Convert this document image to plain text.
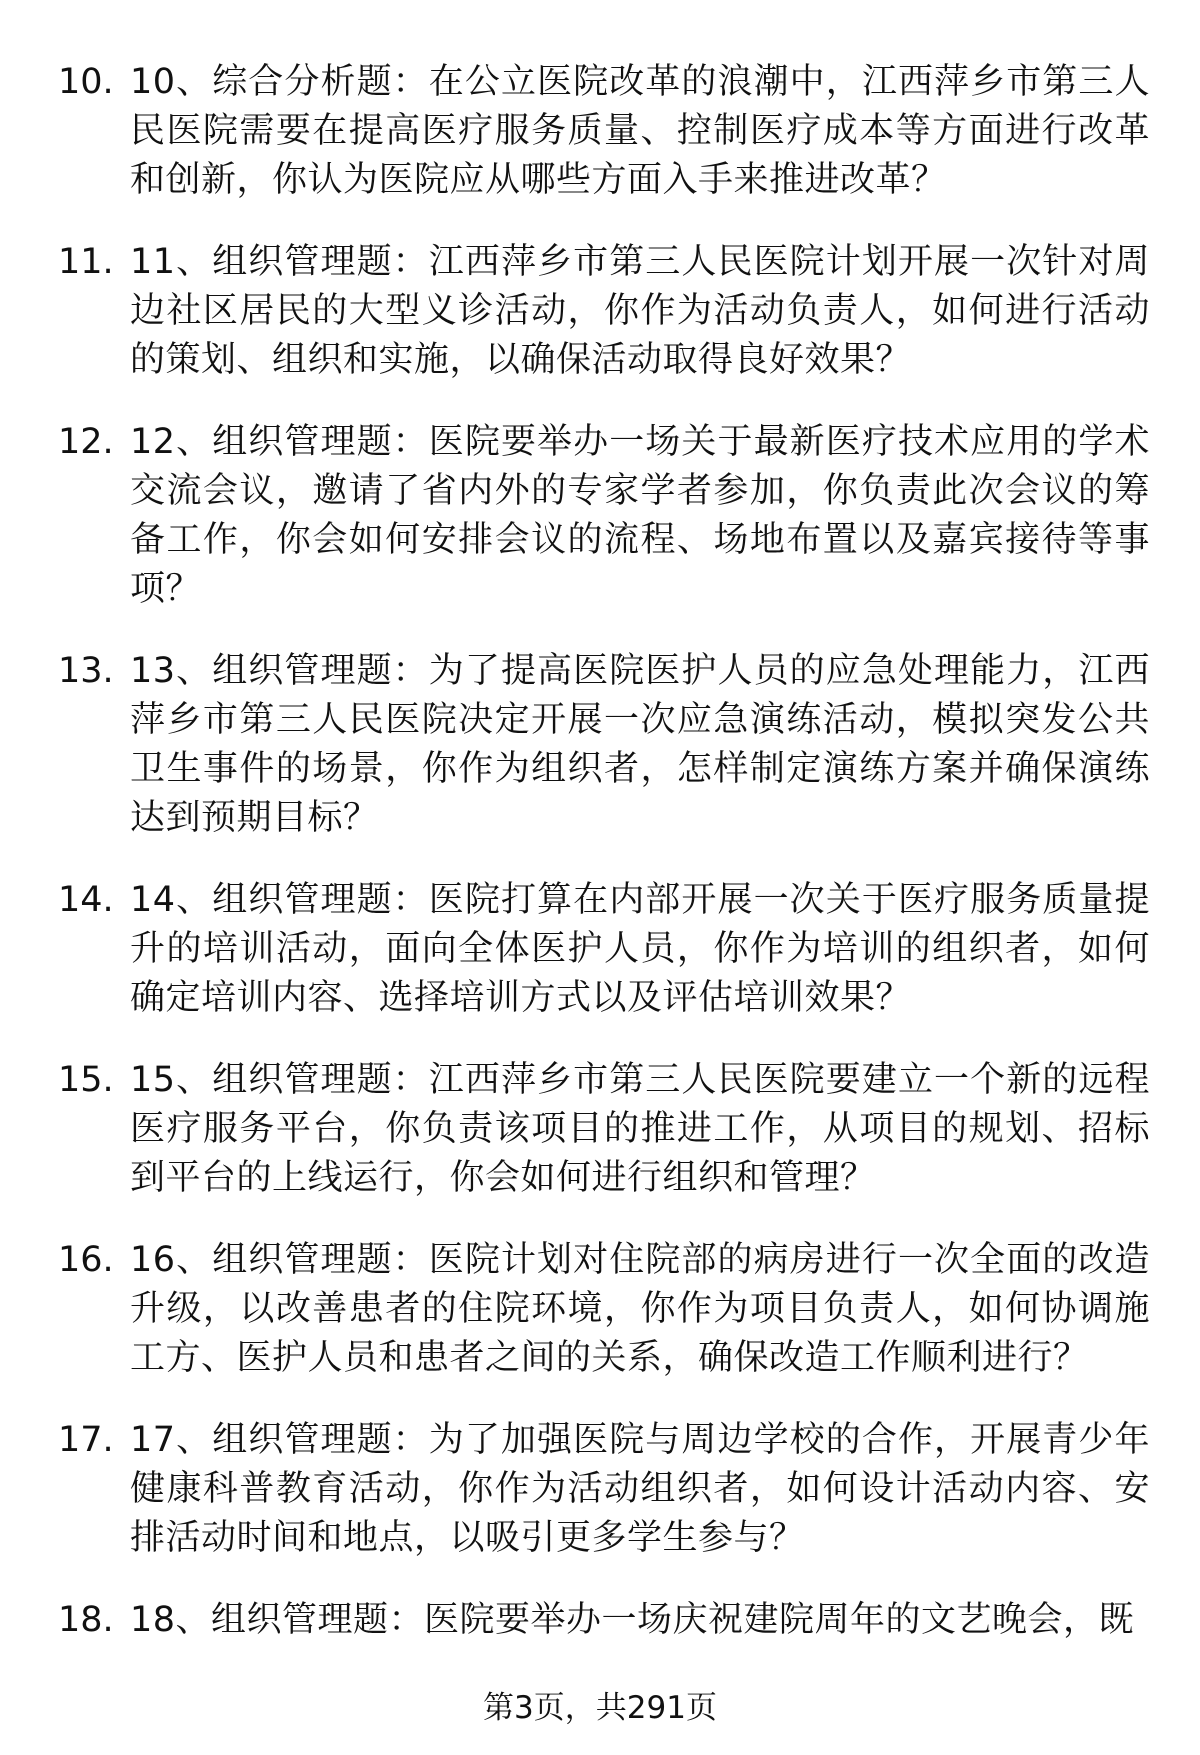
10. 10、综合分析题：在公立医院改革的浪潮中，江西萍乡市第三人民医院需要在提高医疗服务质量、控制医疗成本等方面进行改革和创新，你认为医院应从哪些方面入手来推进改革？
11. 11、组织管理题：江西萍乡市第三人民医院计划开展一次针对周边社区居民的大型义诊活动，你作为活动负责人，如何进行活动的策划、组织和实施，以确保活动取得良好效果？
12. 12、组织管理题：医院要举办一场关于最新医疗技术应用的学术交流会议，邀请了省内外的专家学者参加，你负责此次会议的筹备工作，你会如何安排会议的流程、场地布置以及嘉宾接待等事项？
13. 13、组织管理题：为了提高医院医护人员的应急处理能力，江西萍乡市第三人民医院决定开展一次应急演练活动，模拟突发公共卫生事件的场景，你作为组织者，怎样制定演练方案并确保演练达到预期目标？
14. 14、组织管理题：医院打算在内部开展一次关于医疗服务质量提升的培训活动，面向全体医护人员，你作为培训的组织者，如何确定培训内容、选择培训方式以及评估培训效果？
15. 15、组织管理题：江西萍乡市第三人民医院要建立一个新的远程医疗服务平台，你负责该项目的推进工作，从项目的规划、招标到平台的上线运行，你会如何进行组织和管理？
16. 16、组织管理题：医院计划对住院部的病房进行一次全面的改造升级，以改善患者的住院环境，你作为项目负责人，如何协调施工方、医护人员和患者之间的关系，确保改造工作顺利进行？
17. 17、组织管理题：为了加强医院与周边学校的合作，开展青少年健康科普教育活动，你作为活动组织者，如何设计活动内容、安排活动时间和地点，以吸引更多学生参与？
18. 18、组织管理题：医院要举办一场庆祝建院周年的文艺晚会，既
第3页，共291页
